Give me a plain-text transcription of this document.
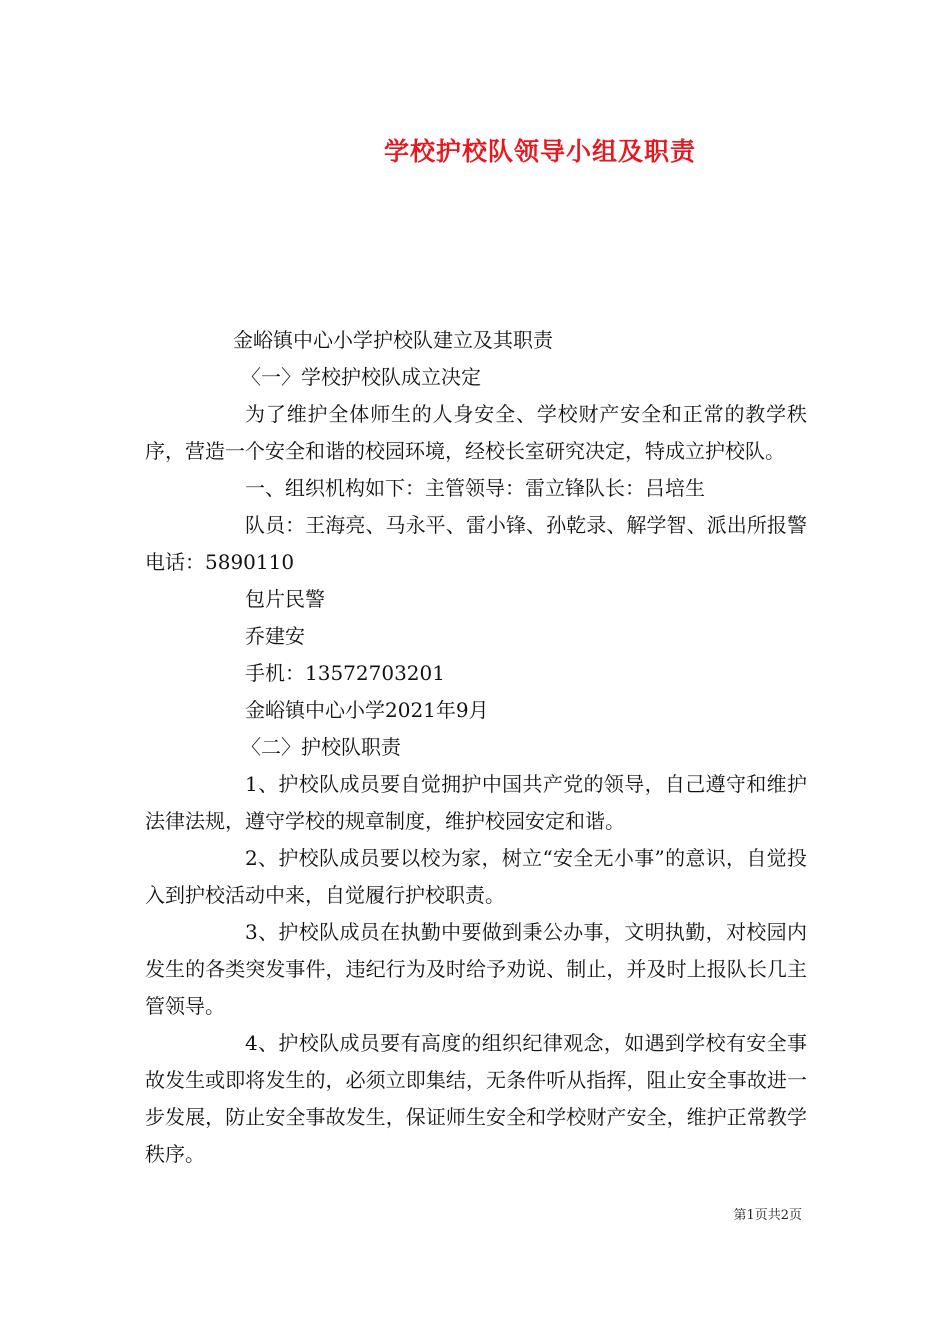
学校护校队领导小组及职责
金峪镇中心小学护校队建立及其职责
〈一〉学校护校队成立决定
为了维护全体师生的人身安全、学校财产安全和正常的教学秩序，营造一个安全和谐的校园环境，经校长室研究决定，特成立护校队。
一、组织机构如下：主管领导：雷立锋队长：吕培生
队员：王海亮、马永平、雷小锋、孙乾录、解学智、派出所报警电话：5890110
包片民警
乔建安
手机：13572703201
金峪镇中心小学2021年9月
〈二〉护校队职责
1、护校队成员要自觉拥护中国共产党的领导，自己遵守和维护法律法规，遵守学校的规章制度，维护校园安定和谐。
2、护校队成员要以校为家，树立“安全无小事”的意识，自觉投入到护校活动中来，自觉履行护校职责。
3、护校队成员在执勤中要做到秉公办事，文明执勤，对校园内发生的各类突发事件，违纪行为及时给予劝说、制止，并及时上报队长几主管领导。
4、护校队成员要有高度的组织纪律观念，如遇到学校有安全事故发生或即将发生的，必须立即集结，无条件听从指挥，阻止安全事故进一步发展，防止安全事故发生，保证师生安全和学校财产安全，维护正常教学秩序。
第1页共2页
